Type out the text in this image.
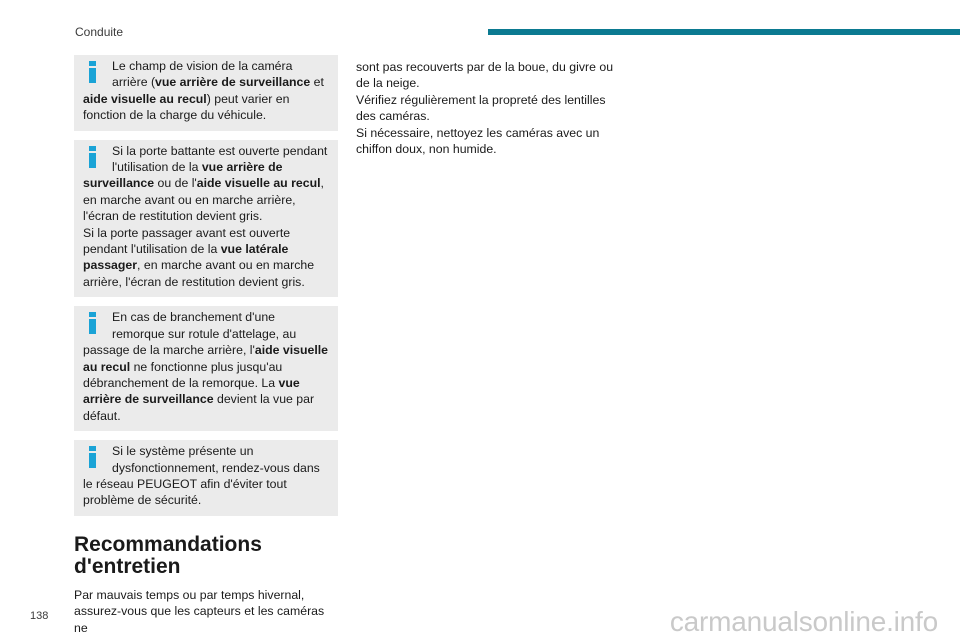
Conduite
Le champ de vision de la caméra arrière (vue arrière de surveillance et aide visuelle au recul) peut varier en fonction de la charge du véhicule.
Si la porte battante est ouverte pendant l'utilisation de la vue arrière de surveillance ou de l'aide visuelle au recul, en marche avant ou en marche arrière, l'écran de restitution devient gris.
Si la porte passager avant est ouverte pendant l'utilisation de la vue latérale passager, en marche avant ou en marche arrière, l'écran de restitution devient gris.
En cas de branchement d'une remorque sur rotule d'attelage, au passage de la marche arrière, l'aide visuelle au recul ne fonctionne plus jusqu'au débranchement de la remorque. La vue arrière de surveillance devient la vue par défaut.
Si le système présente un dysfonctionnement, rendez-vous dans le réseau PEUGEOT afin d'éviter tout problème de sécurité.
Recommandations d'entretien

Par mauvais temps ou par temps hivernal, assurez-vous que les capteurs et les caméras ne

sont pas recouverts par de la boue, du givre ou de la neige.

Vérifiez régulièrement la propreté des lentilles des caméras.

Si nécessaire, nettoyez les caméras avec un chiffon doux, non humide.

138	carmanualsonline.info
